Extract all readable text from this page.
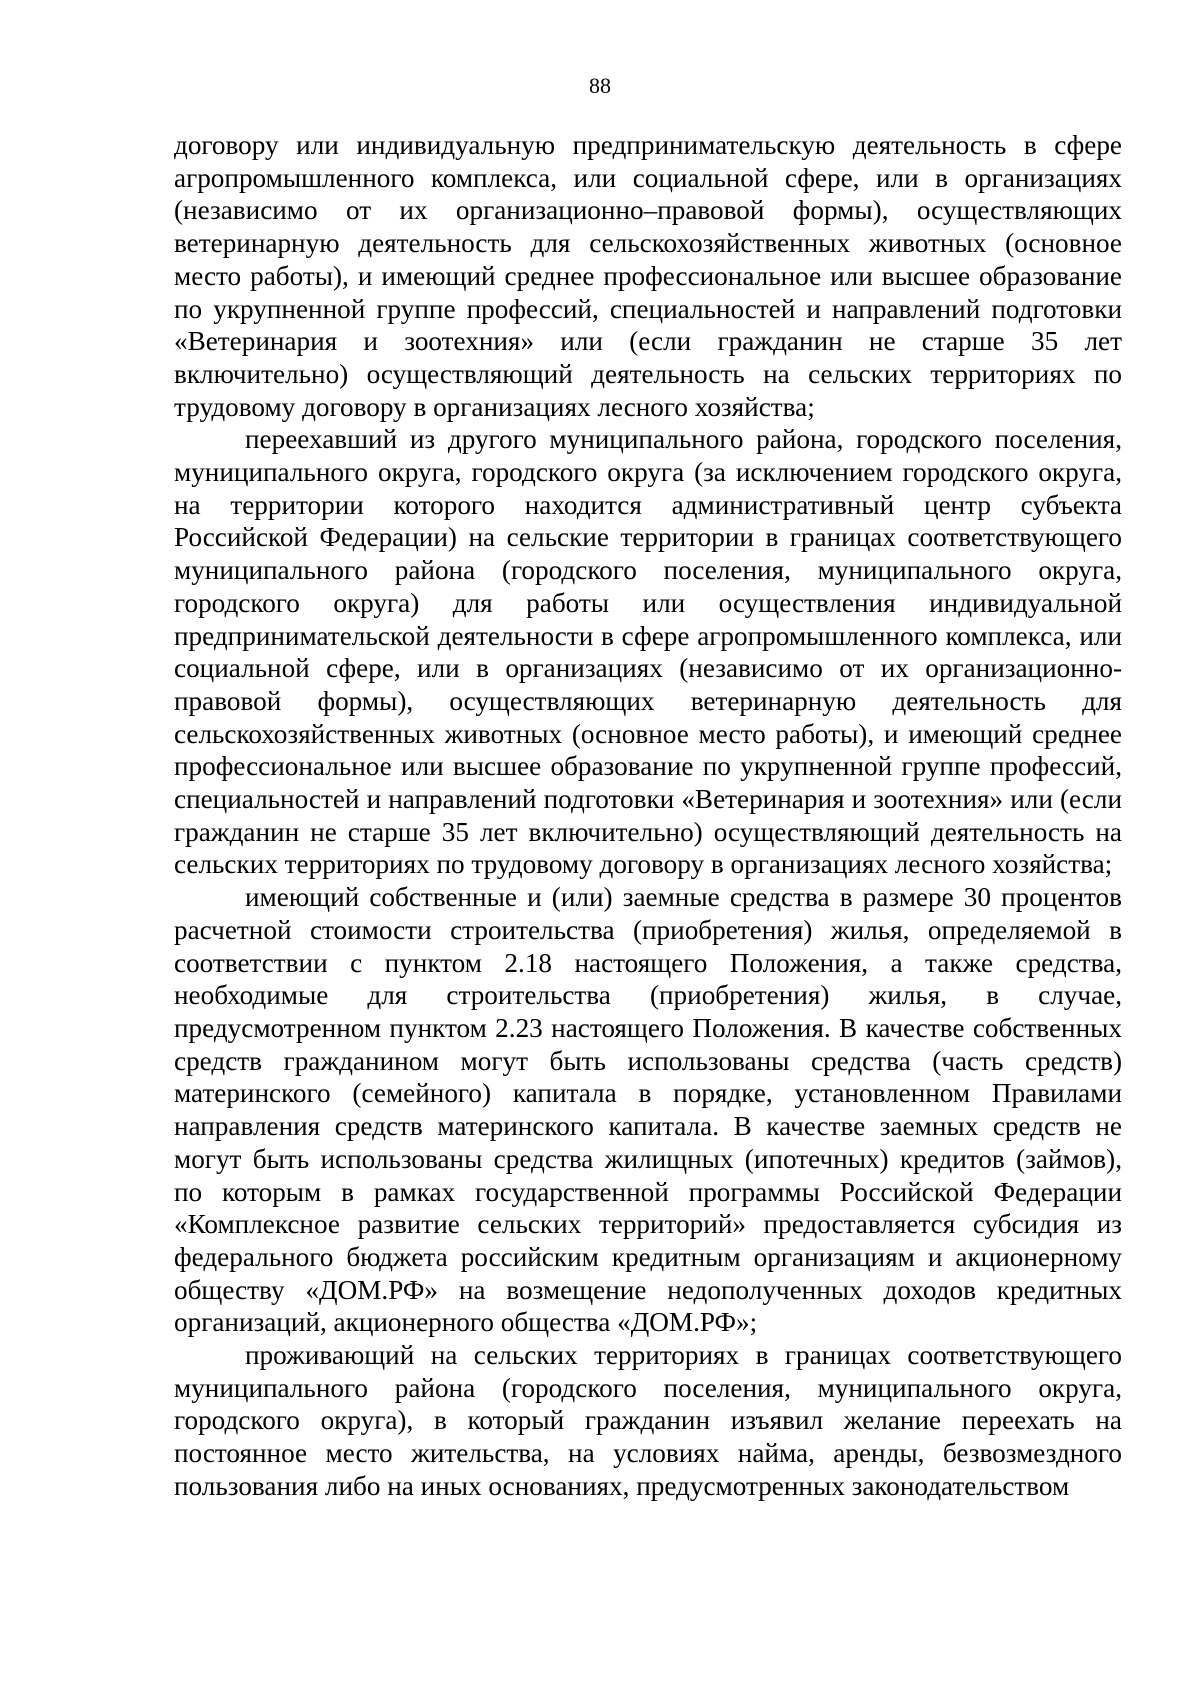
88

договору или индивидуальную предпринимательскую деятельность в сфере агропромышленного комплекса, или социальной сфере, или в организациях (независимо от их организационно–правовой формы), осуществляющих ветеринарную деятельность для сельскохозяйственных животных (основное место работы), и имеющий среднее профессиональное или высшее образование по укрупненной группе профессий, специальностей и направлений подготовки «Ветеринария и зоотехния» или (если гражданин не старше 35 лет включительно) осуществляющий деятельность на сельских территориях по трудовому договору в организациях лесного хозяйства;

переехавший из другого муниципального района, городского поселения, муниципального округа, городского округа (за исключением городского округа, на территории которого находится административный центр субъекта Российской Федерации) на сельские территории в границах соответствующего муниципального района (городского поселения, муниципального округа, городского округа) для работы или осуществления индивидуальной предпринимательской деятельности в сфере агропромышленного комплекса, или социальной сфере, или в организациях (независимо от их организационно-правовой формы), осуществляющих ветеринарную деятельность для сельскохозяйственных животных (основное место работы), и имеющий среднее профессиональное или высшее образование по укрупненной группе профессий, специальностей и направлений подготовки «Ветеринария и зоотехния» или (если гражданин не старше 35 лет включительно) осуществляющий деятельность на сельских территориях по трудовому договору в организациях лесного хозяйства;

имеющий собственные и (или) заемные средства в размере 30 процентов расчетной стоимости строительства (приобретения) жилья, определяемой в соответствии с пунктом 2.18 настоящего Положения, а также средства, необходимые для строительства (приобретения) жилья, в случае, предусмотренном пунктом 2.23 настоящего Положения. В качестве собственных средств гражданином могут быть использованы средства (часть средств) материнского (семейного) капитала в порядке, установленном Правилами направления средств материнского капитала. В качестве заемных средств не могут быть использованы средства жилищных (ипотечных) кредитов (займов), по которым в рамках государственной программы Российской Федерации «Комплексное развитие сельских территорий» предоставляется субсидия из федерального бюджета российским кредитным организациям и акционерному обществу «ДОМ.РФ» на возмещение недополученных доходов кредитных организаций, акционерного общества «ДОМ.РФ»;

проживающий на сельских территориях в границах соответствующего муниципального района (городского поселения, муниципального округа, городского округа), в который гражданин изъявил желание переехать на постоянное место жительства, на условиях найма, аренды, безвозмездного пользования либо на иных основаниях, предусмотренных законодательством
